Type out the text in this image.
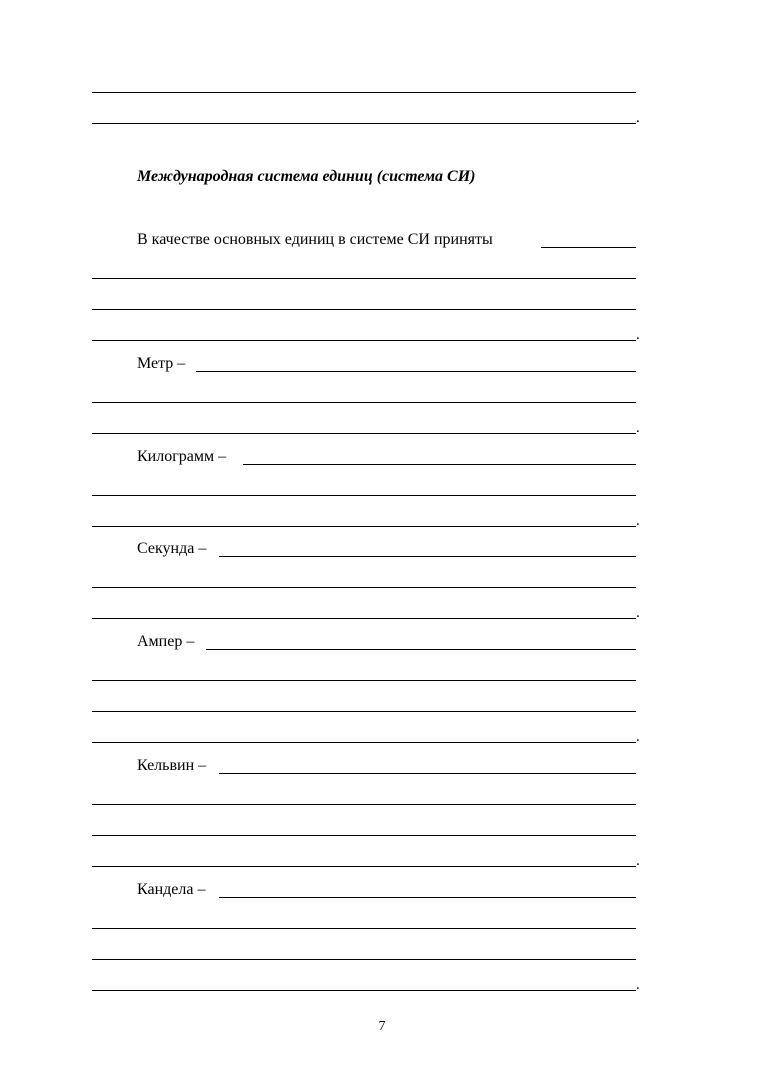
.
Международная система единиц (система СИ)
В качестве основных единиц в системе СИ приняты
.
Метр –
.
Килограмм –
.
Секунда –
.
Ампер –
.
Кельвин –
.
Кандела –
.
7
